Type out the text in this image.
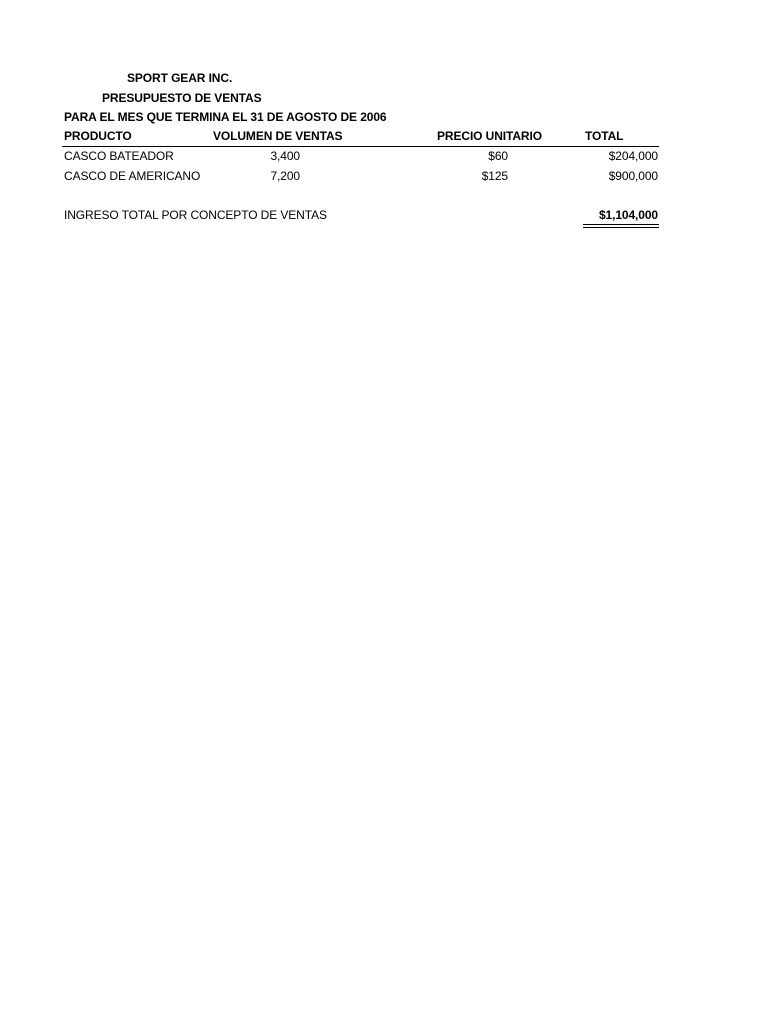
SPORT GEAR INC.
PRESUPUESTO DE VENTAS
PARA EL MES QUE TERMINA EL 31 DE AGOSTO DE 2006
PRODUCTO	VOLUMEN DE VENTAS	PRECIO UNITARIO	TOTAL
CASCO BATEADOR	3,400	$60	$204,000
CASCO DE AMERICANO	7,200	$125	$900,000
INGRESO TOTAL POR CONCEPTO DE VENTAS	$1,104,000
